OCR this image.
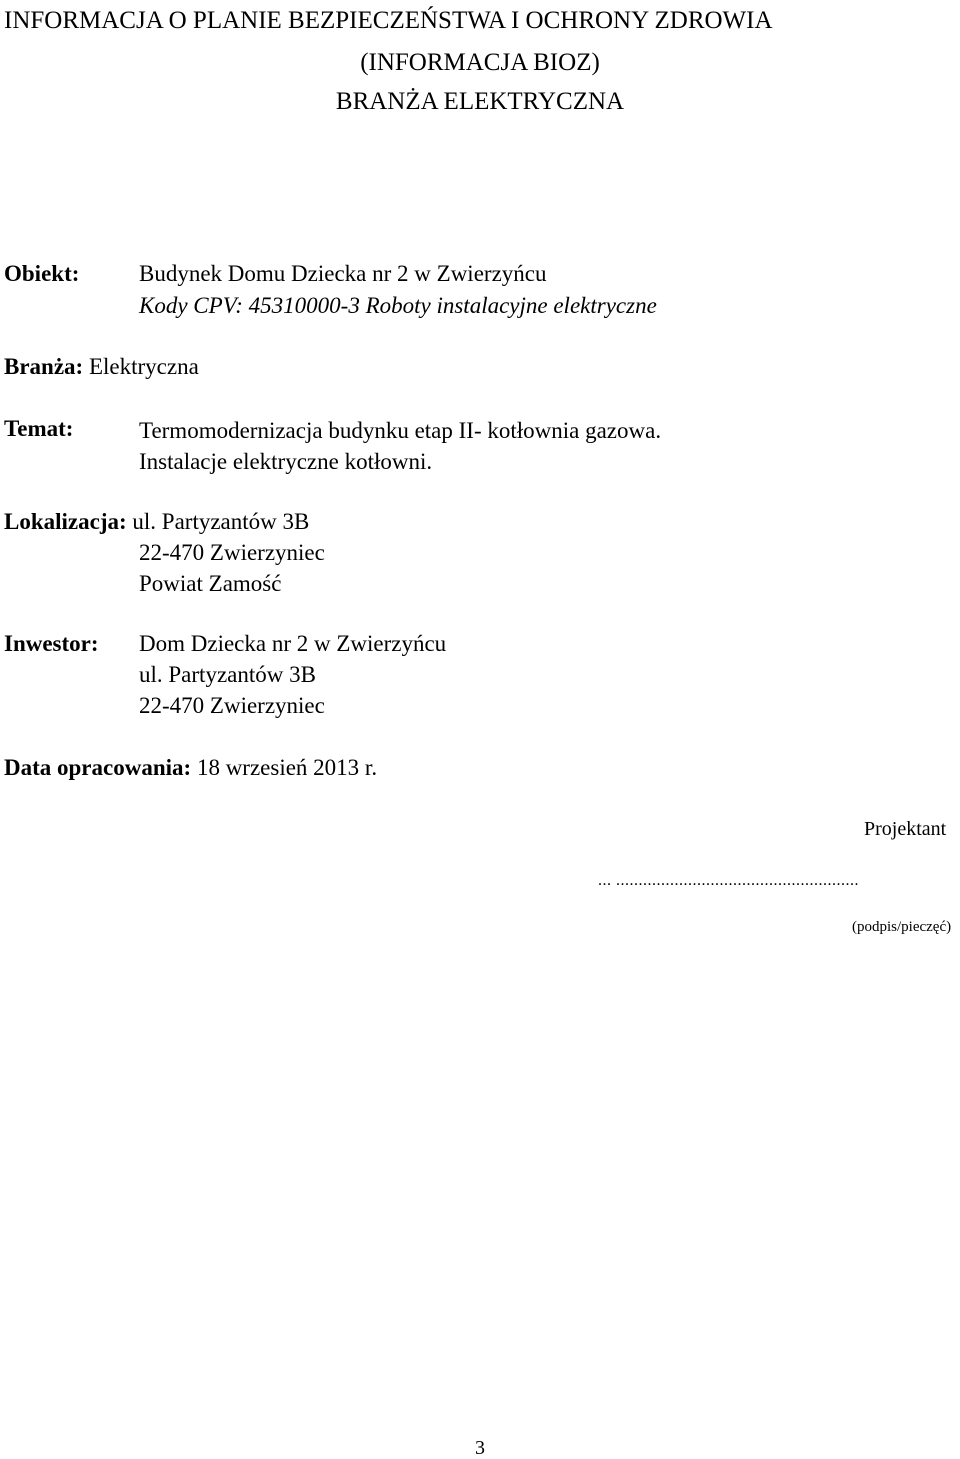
INFORMACJA O PLANIE BEZPIECZEŃSTWA I OCHRONY ZDROWIA
(INFORMACJA BIOZ)
BRANŻA ELEKTRYCZNA
Obiekt:	Budynek Domu Dziecka nr 2 w Zwierzyńcu
Kody CPV: 45310000-3 Roboty instalacyjne elektryczne
Branża: Elektryczna
Temat:	Termomodernizacja budynku etap II- kotłownia gazowa.
Instalacje elektryczne kotłowni.
Lokalizacja: ul. Partyzantów 3B
22-470 Zwierzyniec
Powiat Zamość
Inwestor: Dom Dziecka nr 2 w Zwierzyńcu
ul. Partyzantów 3B
22-470 Zwierzyniec
Data opracowania: 18 wrzesień 2013 r.
Projektant
... ......................................................
(podpis/pieczęć)
3
